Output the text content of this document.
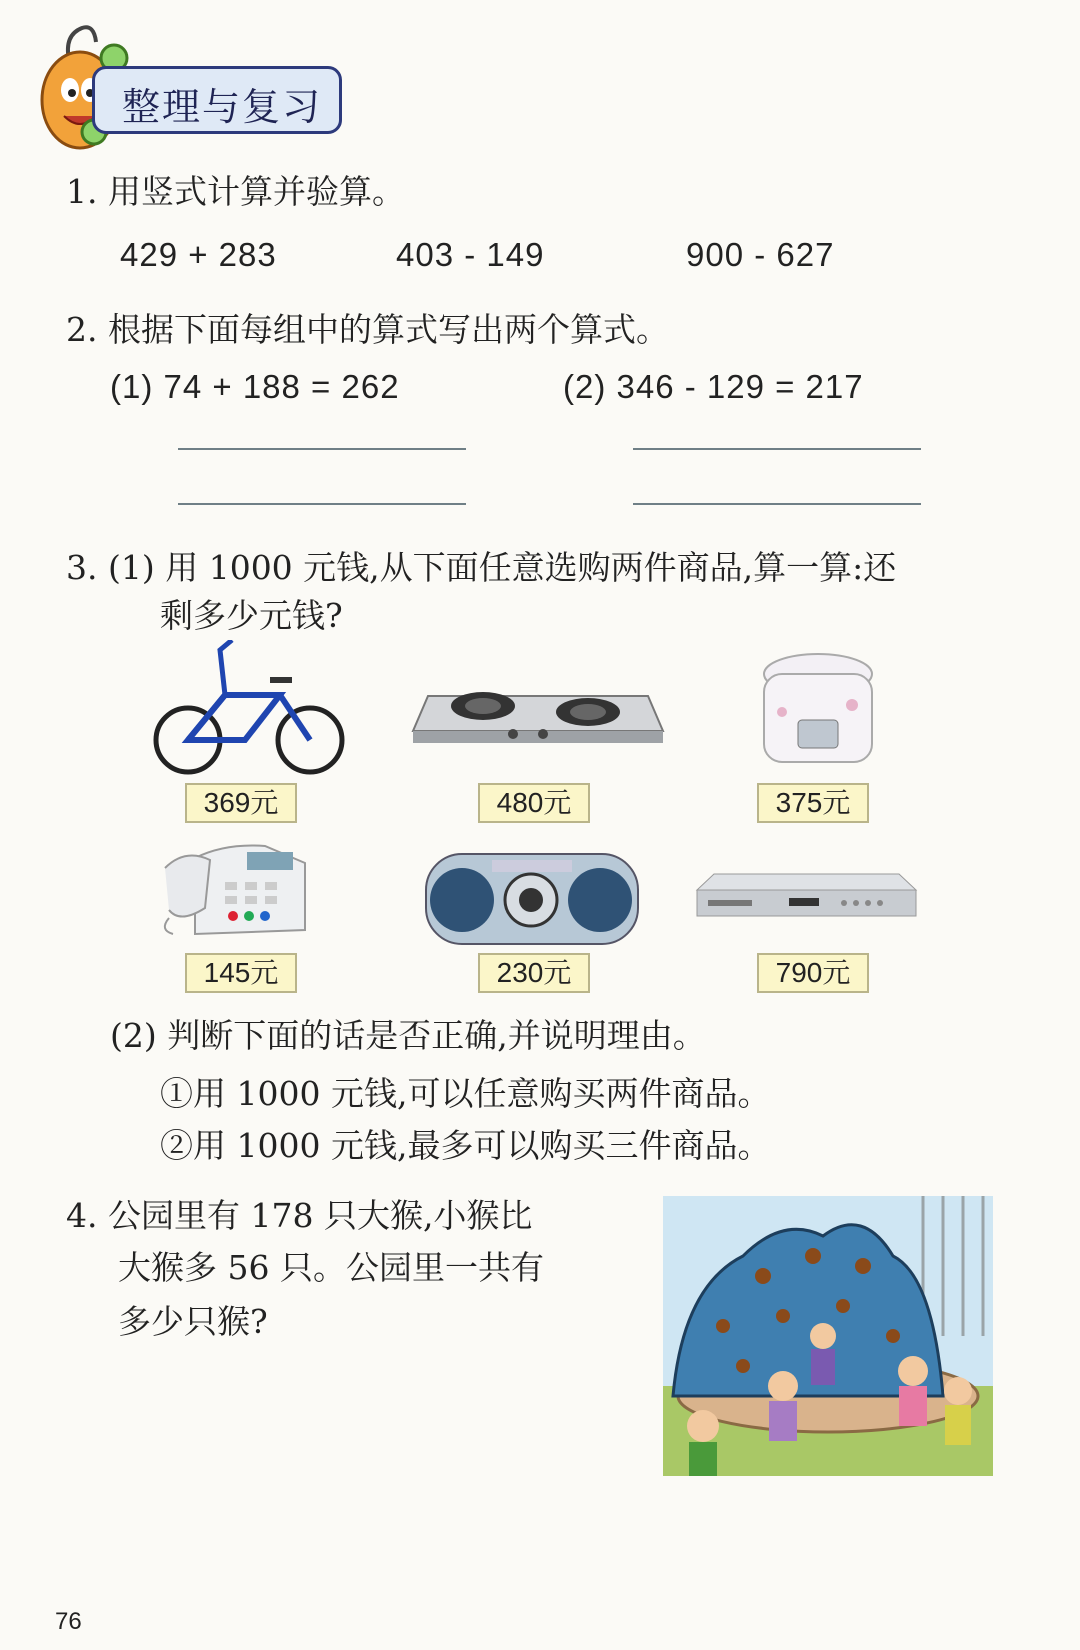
整理与复习
1. 用竖式计算并验算。
429 + 283	403 - 149	900 - 627
2. 根据下面每组中的算式写出两个算式。
(1) 74 + 188 = 262	(2) 346 - 129 = 217
3. (1) 用 1000 元钱,从下面任意选购两件商品,算一算:还
剩多少元钱?
369元	480元	375元
145元	230元	790元
(2) 判断下面的话是否正确,并说明理由。
①用 1000 元钱,可以任意购买两件商品。
②用 1000 元钱,最多可以购买三件商品。
4. 公园里有 178 只大猴,小猴比
大猴多 56 只。公园里一共有
多少只猴?
76
